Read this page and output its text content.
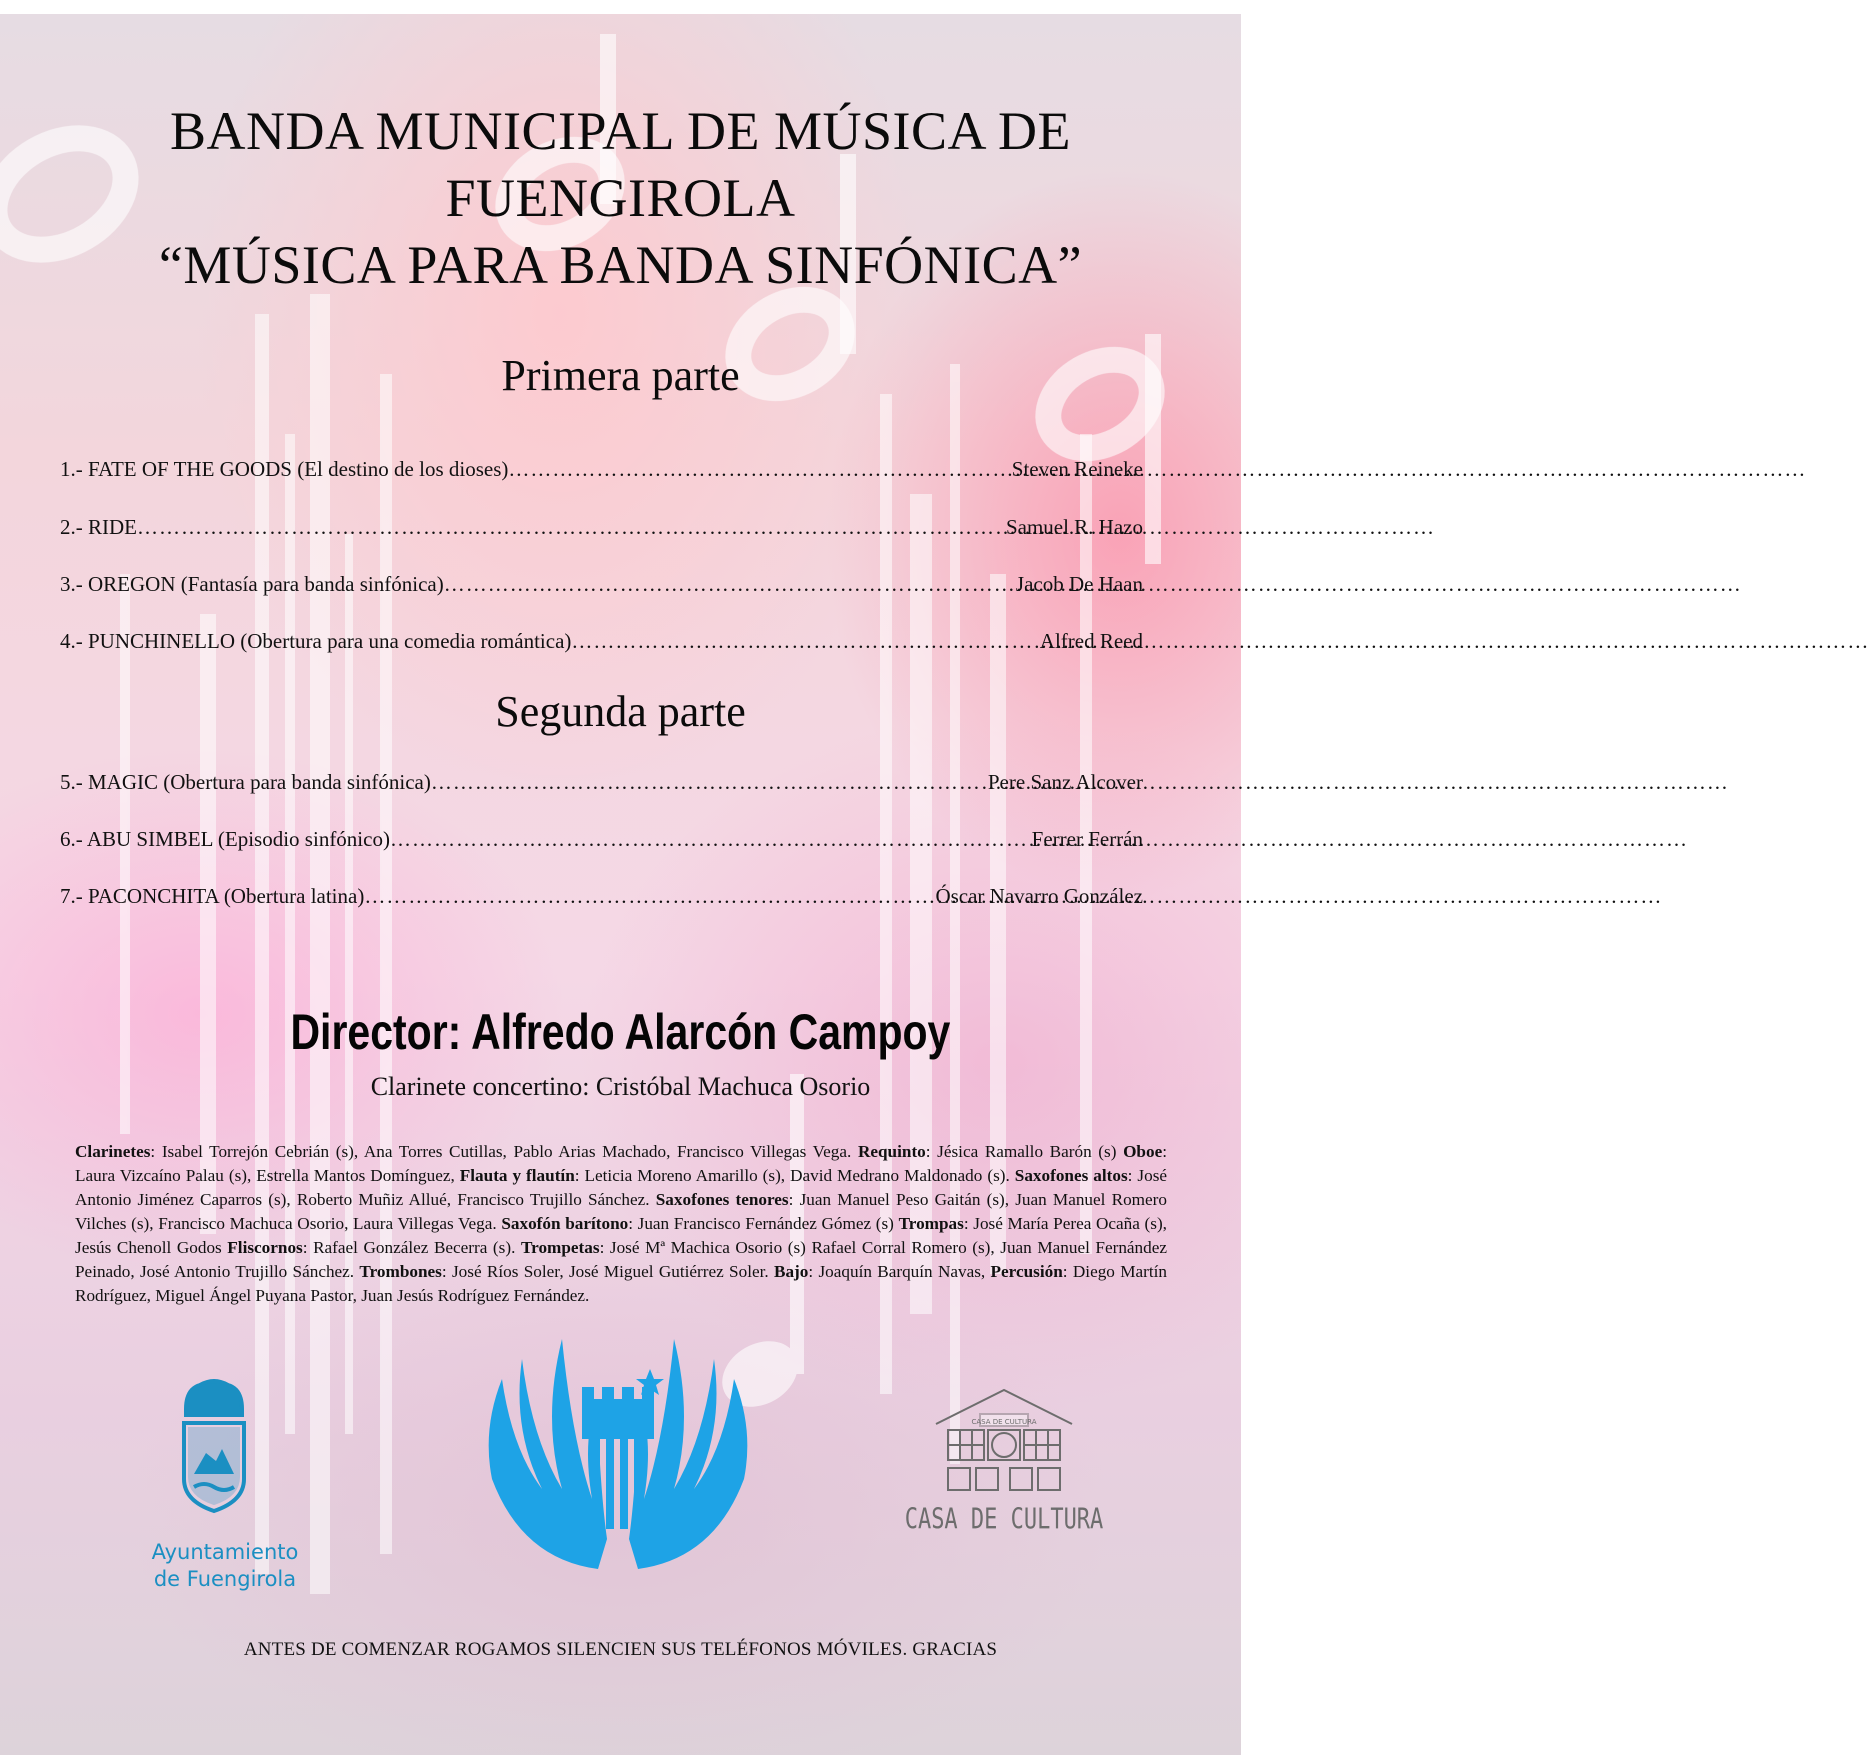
BANDA MUNICIPAL DE MÚSICA DE
FUENGIROLA
“MÚSICA PARA BANDA SINFÓNICA”
Primera parte
1.- FATE OF THE GOODS (El destino de los dioses) ……………………………………………………………………………………………………………………………………………………………	Steven Reineke
2.- RIDE ……………………………………………………………………………………………………………………………………………………………	Samuel R. Hazo
3.- OREGON (Fantasía para banda sinfónica) ……………………………………………………………………………………………………………………………………………………………	Jacob De Haan
4.- PUNCHINELLO (Obertura para una comedia romántica) ……………………………………………………………………………………………………………………………………………………………	Alfred Reed
Segunda parte
5.- MAGIC (Obertura para banda sinfónica) ……………………………………………………………………………………………………………………………………………………………	Pere Sanz Alcover
6.- ABU SIMBEL (Episodio sinfónico) ……………………………………………………………………………………………………………………………………………………………	Ferrer Ferrán
7.- PACONCHITA (Obertura latina) ……………………………………………………………………………………………………………………………………………………………	Óscar Navarro González
Director: Alfredo Alarcón Campoy
Clarinete concertino: Cristóbal Machuca Osorio
Clarinetes: Isabel Torrejón Cebrián (s), Ana Torres Cutillas, Pablo Arias Machado, Francisco Villegas Vega. Requinto: Jésica Ramallo Barón (s) Oboe: Laura Vizcaíno Palau (s), Estrella Mantos Domínguez, Flauta y flautín: Leticia Moreno Amarillo (s), David Medrano Maldonado (s). Saxofones altos: José Antonio Jiménez Caparros (s), Roberto Muñiz Allué, Francisco Trujillo Sánchez. Saxofones tenores: Juan Manuel Peso Gaitán (s), Juan Manuel Romero Vilches (s), Francisco Machuca Osorio, Laura Villegas Vega. Saxofón barítono: Juan Francisco Fernández Gómez (s) Trompas: José María Perea Ocaña (s), Jesús Chenoll Godos Fliscornos: Rafael González Becerra (s). Trompetas: José Mª Machica Osorio (s) Rafael Corral Romero (s), Juan Manuel Fernández Peinado, José Antonio Trujillo Sánchez. Trombones: José Ríos Soler, José Miguel Gutiérrez Soler. Bajo: Joaquín Barquín Navas, Percusión: Diego Martín Rodríguez, Miguel Ángel Puyana Pastor, Juan Jesús Rodríguez Fernández.
Ayuntamiento
de Fuengirola
CASA DE CULTURA
CASA DE CULTURA
ANTES DE COMENZAR ROGAMOS SILENCIEN SUS TELÉFONOS MÓVILES. GRACIAS
